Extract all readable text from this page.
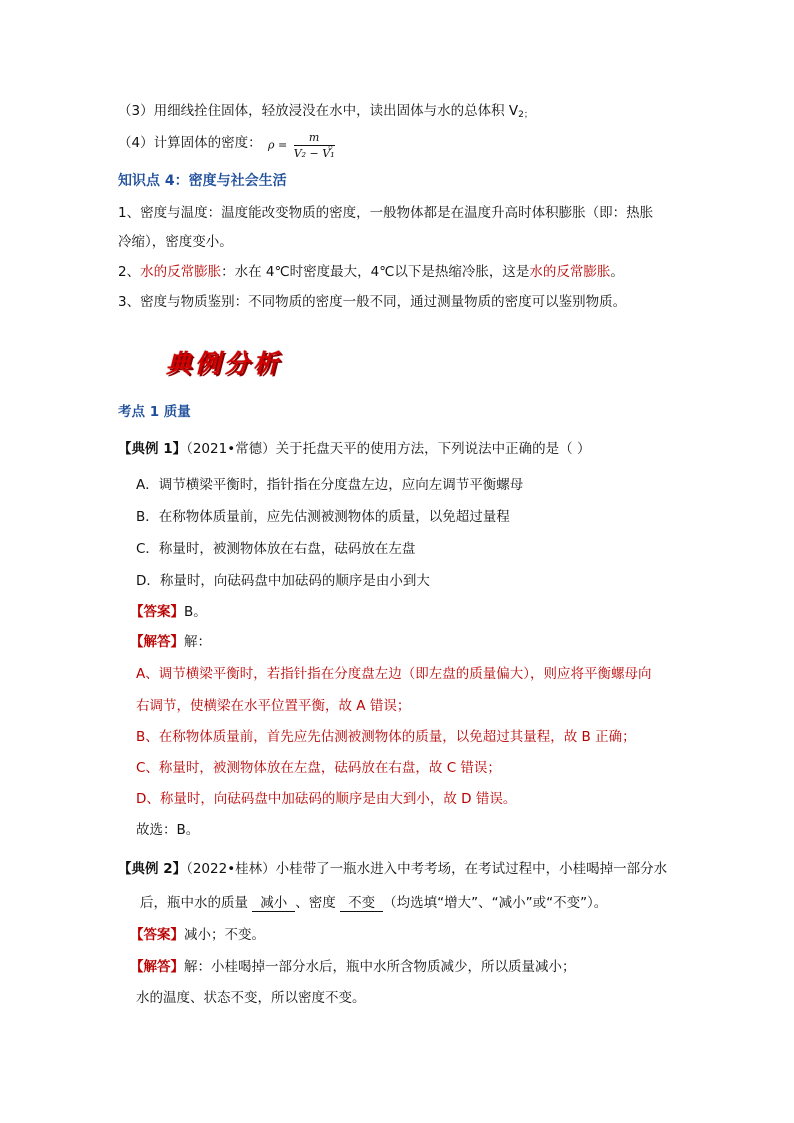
（3）用细线拴住固体，轻放浸没在水中，读出固体与水的总体积 V2；
（4）计算固体的密度： $\rho = \frac{m}{\text{V₂ − V₁}}$
。
知识点 4：密度与社会生活
1、密度与温度：温度能改变物质的密度，一般物体都是在温度升高时体积膨胀（即：热胀
冷缩），密度变小。
2、水的反常膨胀：水在 4℃时密度最大，4℃以下是热缩冷胀，这是水的反常膨胀。
3、密度与物质鉴别：不同物质的密度一般不同，通过测量物质的密度可以鉴别物质。
典例分析
考点 1 质量
【典例 1】（2021•常德）关于托盘天平的使用方法，下列说法中正确的是（ ）
A．调节横梁平衡时，指针指在分度盘左边，应向左调节平衡螺母
B．在称物体质量前，应先估测被测物体的质量，以免超过量程
C．称量时，被测物体放在右盘，砝码放在左盘
D．称量时，向砝码盘中加砝码的顺序是由小到大
【答案】B。
【解答】解：
A、调节横梁平衡时，若指针指在分度盘左边（即左盘的质量偏大），则应将平衡螺母向
右调节，使横梁在水平位置平衡，故 A 错误；
B、在称物体质量前，首先应先估测被测物体的质量，以免超过其量程，故 B 正确；
C、称量时，被测物体放在左盘，砝码放在右盘，故 C 错误；
D、称量时，向砝码盘中加砝码的顺序是由大到小，故 D 错误。
故选：B。
【典例 2】（2022•桂林）小桂带了一瓶水进入中考考场，在考试过程中，小桂喝掉一部分水
后，瓶中水的质量 减小 、密度 不变 （均选填“增大”、“减小”或“不变”）。
【答案】减小；不变。
【解答】解：小桂喝掉一部分水后，瓶中水所含物质减少，所以质量减小；
水的温度、状态不变，所以密度不变。
